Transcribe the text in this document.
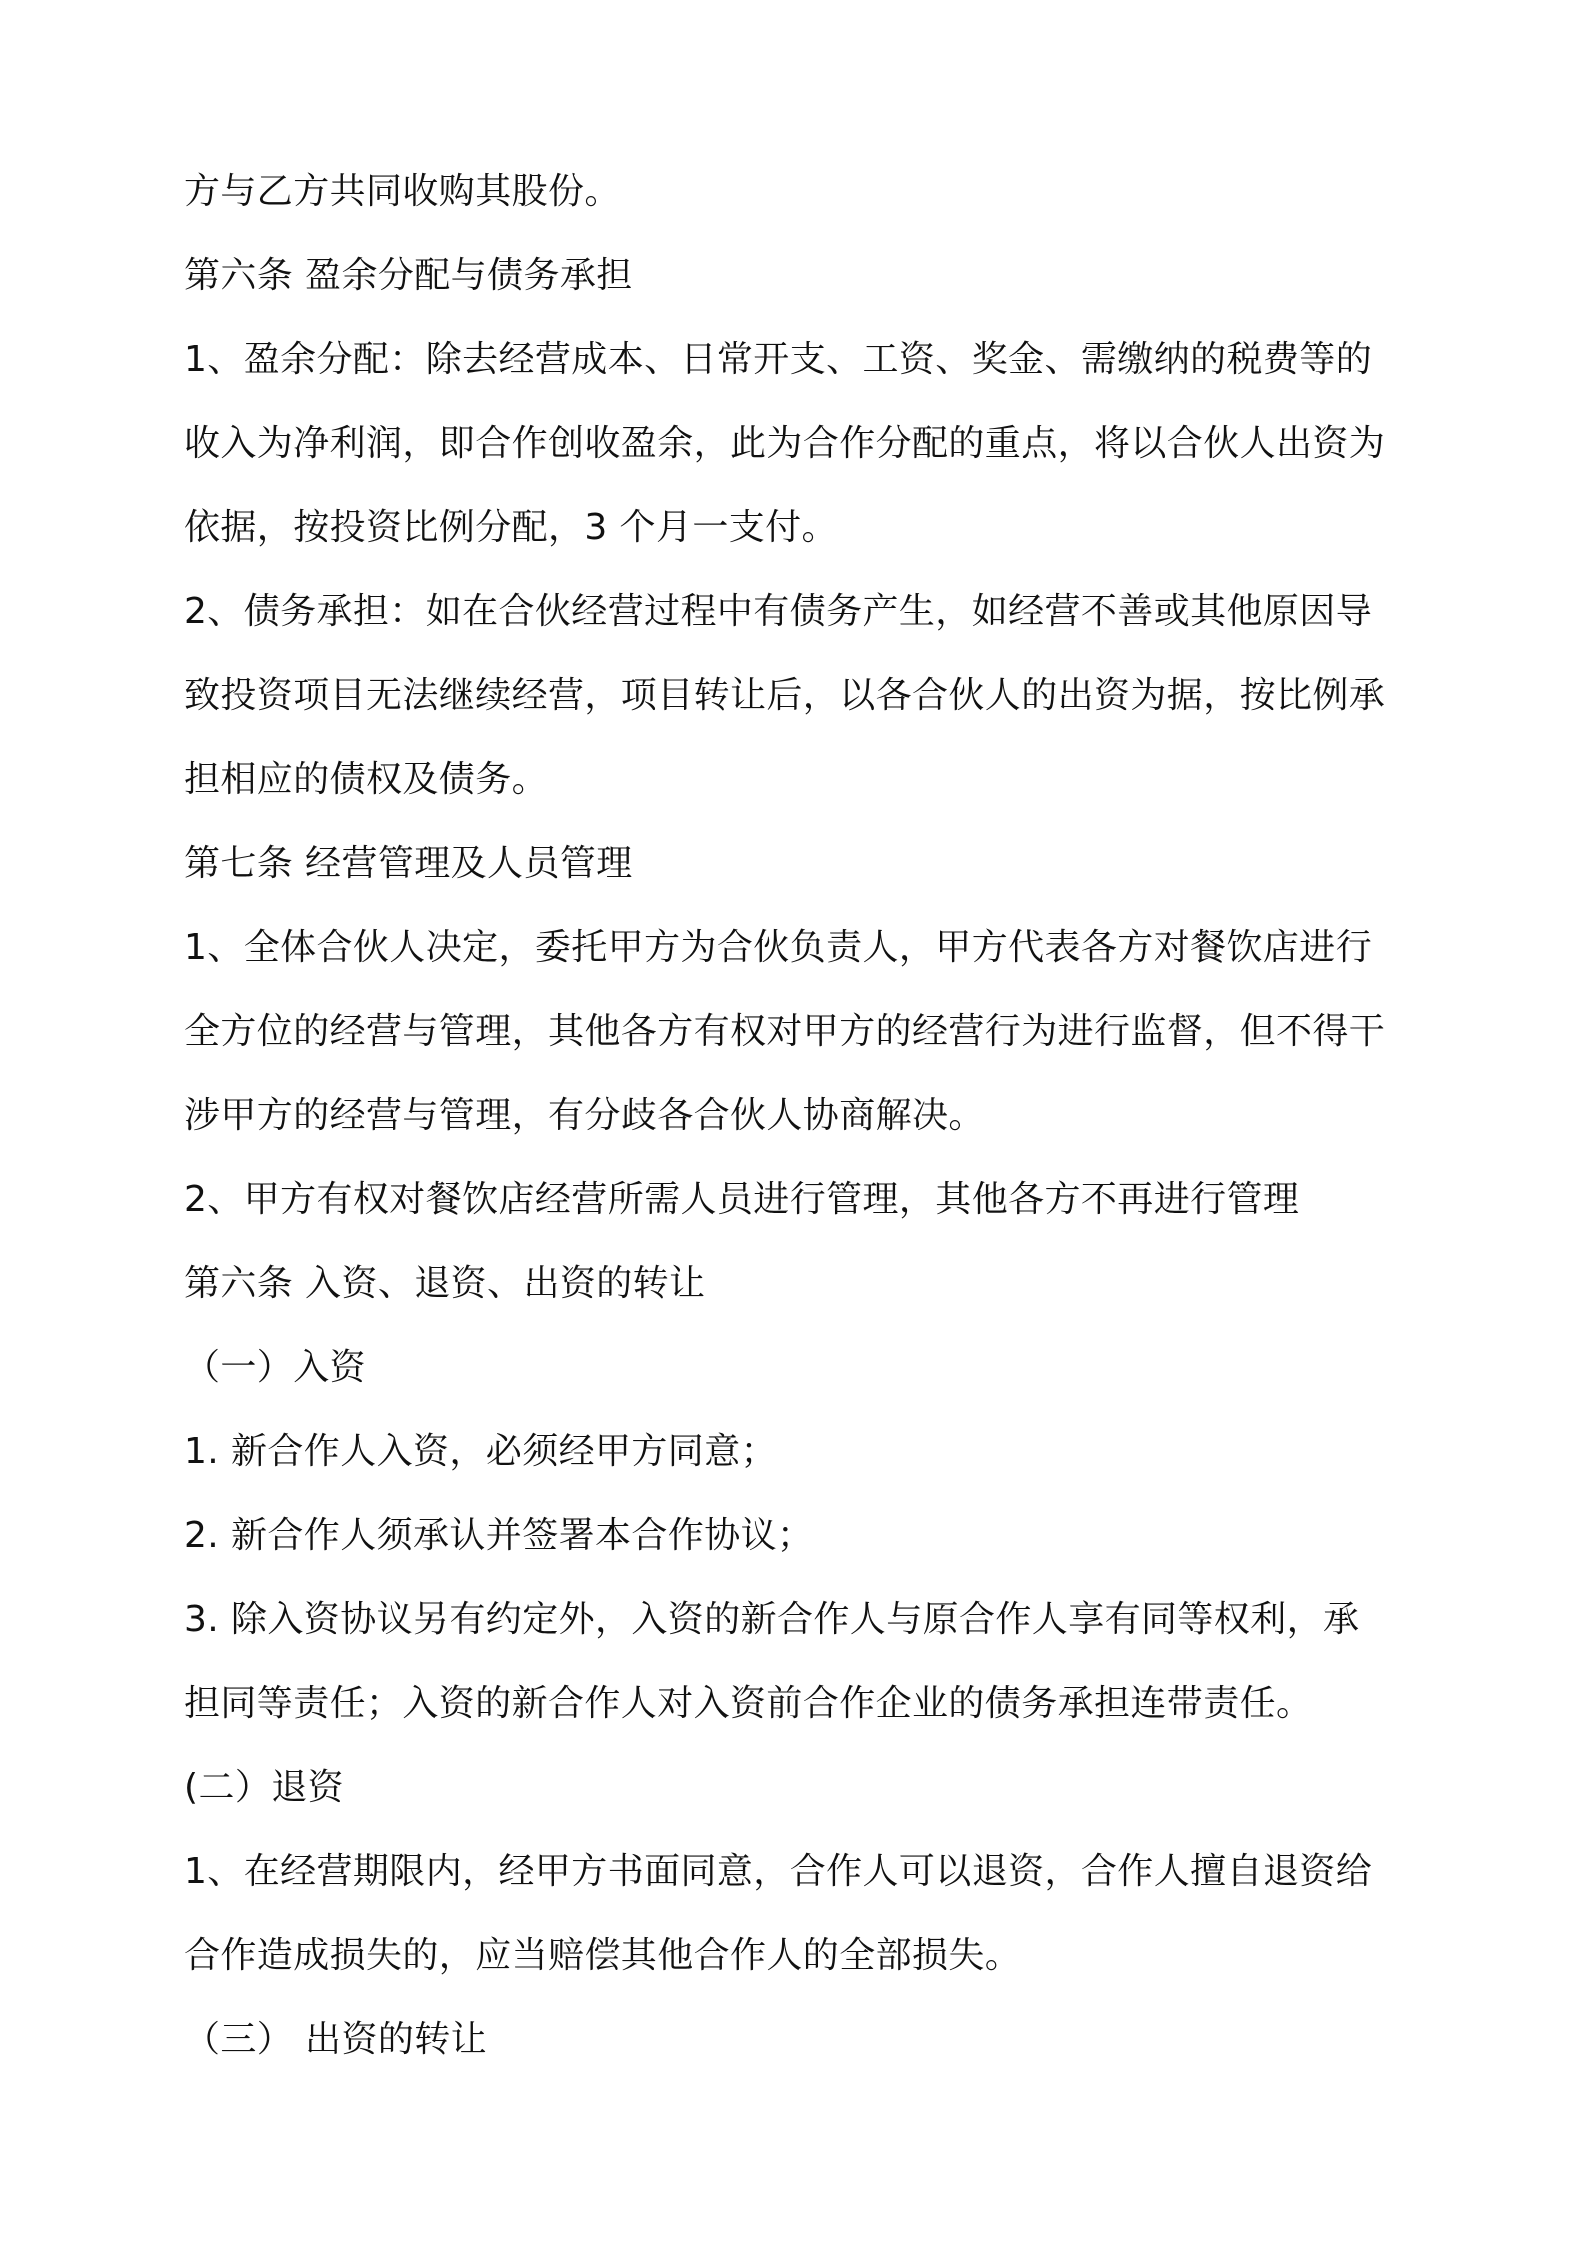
方与乙方共同收购其股份。
第六条 盈余分配与债务承担
1、盈余分配：除去经营成本、日常开支、工资、奖金、需缴纳的税费等的
收入为净利润，即合作创收盈余，此为合作分配的重点，将以合伙人出资为
依据，按投资比例分配，3 个月一支付。
2、债务承担：如在合伙经营过程中有债务产生，如经营不善或其他原因导
致投资项目无法继续经营，项目转让后，以各合伙人的出资为据，按比例承
担相应的债权及债务。
第七条 经营管理及人员管理
1、全体合伙人决定，委托甲方为合伙负责人，甲方代表各方对餐饮店进行
全方位的经营与管理，其他各方有权对甲方的经营行为进行监督，但不得干
涉甲方的经营与管理，有分歧各合伙人协商解决。
2、甲方有权对餐饮店经营所需人员进行管理，其他各方不再进行管理
第六条 入资、退资、出资的转让
（一）入资
1. 新合作人入资，必须经甲方同意；
2. 新合作人须承认并签署本合作协议；
3. 除入资协议另有约定外，入资的新合作人与原合作人享有同等权利，承
担同等责任；入资的新合作人对入资前合作企业的债务承担连带责任。
(二）退资
1、在经营期限内，经甲方书面同意，合作人可以退资，合作人擅自退资给
合作造成损失的，应当赔偿其他合作人的全部损失。
（三） 出资的转让
